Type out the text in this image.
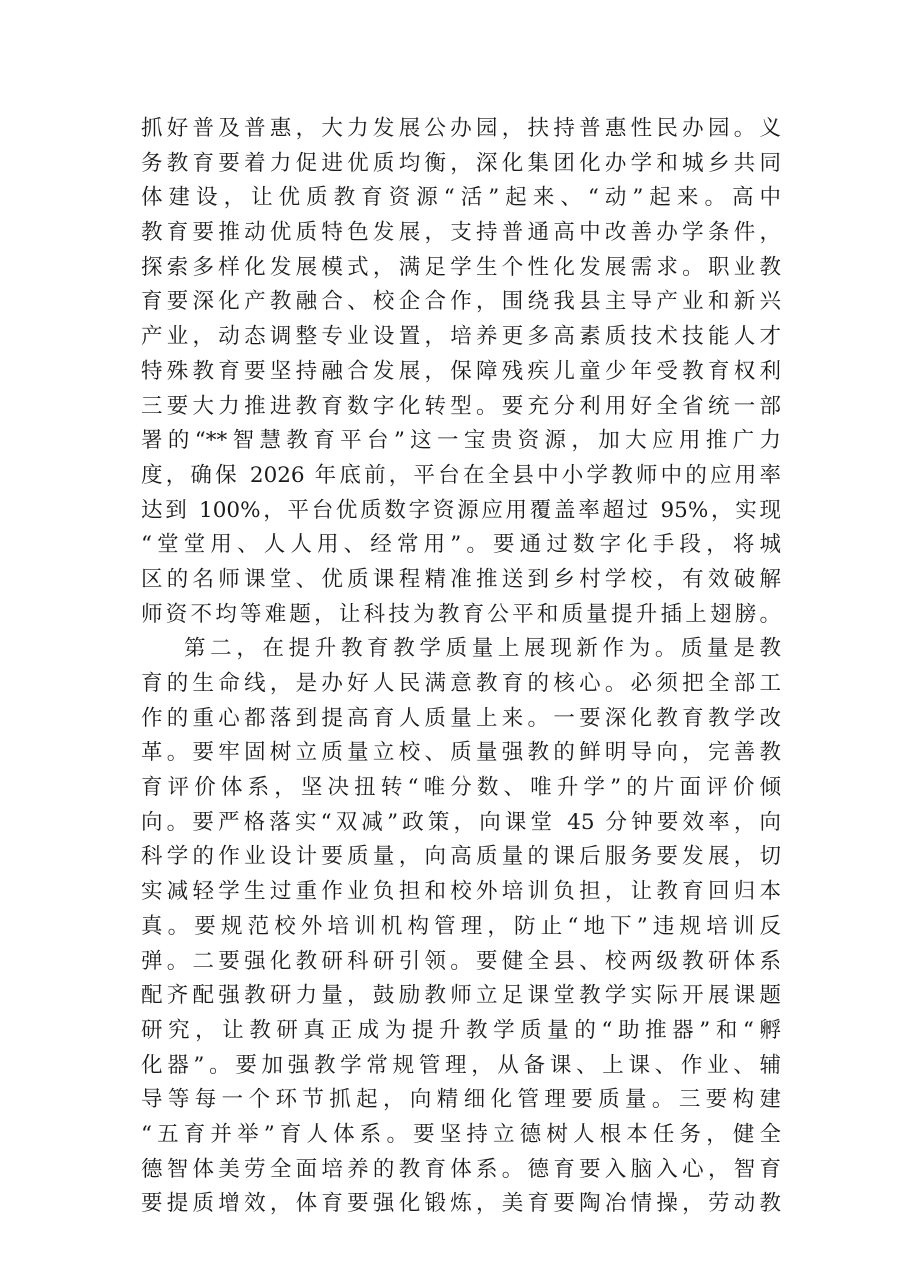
抓好普及普惠，大力发展公办园，扶持普惠性民办园。义
务教育要着力促进优质均衡，深化集团化办学和城乡共同
体建设，让优质教育资源“活”起来、“动”起来。高中
教育要推动优质特色发展，支持普通高中改善办学条件，
探索多样化发展模式，满足学生个性化发展需求。职业教
育要深化产教融合、校企合作，围绕我县主导产业和新兴
产业，动态调整专业设置，培养更多高素质技术技能人才
特殊教育要坚持融合发展，保障残疾儿童少年受教育权利
三要大力推进教育数字化转型。要充分利用好全省统一部
署的“**智慧教育平台”这一宝贵资源，加大应用推广力
度，确保 2026 年底前，平台在全县中小学教师中的应用率
达到 100%，平台优质数字资源应用覆盖率超过 95%，实现
“堂堂用、人人用、经常用”。要通过数字化手段，将城
区的名师课堂、优质课程精准推送到乡村学校，有效破解
师资不均等难题，让科技为教育公平和质量提升插上翅膀。
第二，在提升教育教学质量上展现新作为。质量是教
育的生命线，是办好人民满意教育的核心。必须把全部工
作的重心都落到提高育人质量上来。一要深化教育教学改
革。要牢固树立质量立校、质量强教的鲜明导向，完善教
育评价体系，坚决扭转“唯分数、唯升学”的片面评价倾
向。要严格落实“双减”政策，向课堂 45 分钟要效率，向
科学的作业设计要质量，向高质量的课后服务要发展，切
实减轻学生过重作业负担和校外培训负担，让教育回归本
真。要规范校外培训机构管理，防止“地下”违规培训反
弹。二要强化教研科研引领。要健全县、校两级教研体系
配齐配强教研力量，鼓励教师立足课堂教学实际开展课题
研究，让教研真正成为提升教学质量的“助推器”和“孵
化器”。要加强教学常规管理，从备课、上课、作业、辅
导等每一个环节抓起，向精细化管理要质量。三要构建
“五育并举”育人体系。要坚持立德树人根本任务，健全
德智体美劳全面培养的教育体系。德育要入脑入心，智育
要提质增效，体育要强化锻炼，美育要陶冶情操，劳动教
